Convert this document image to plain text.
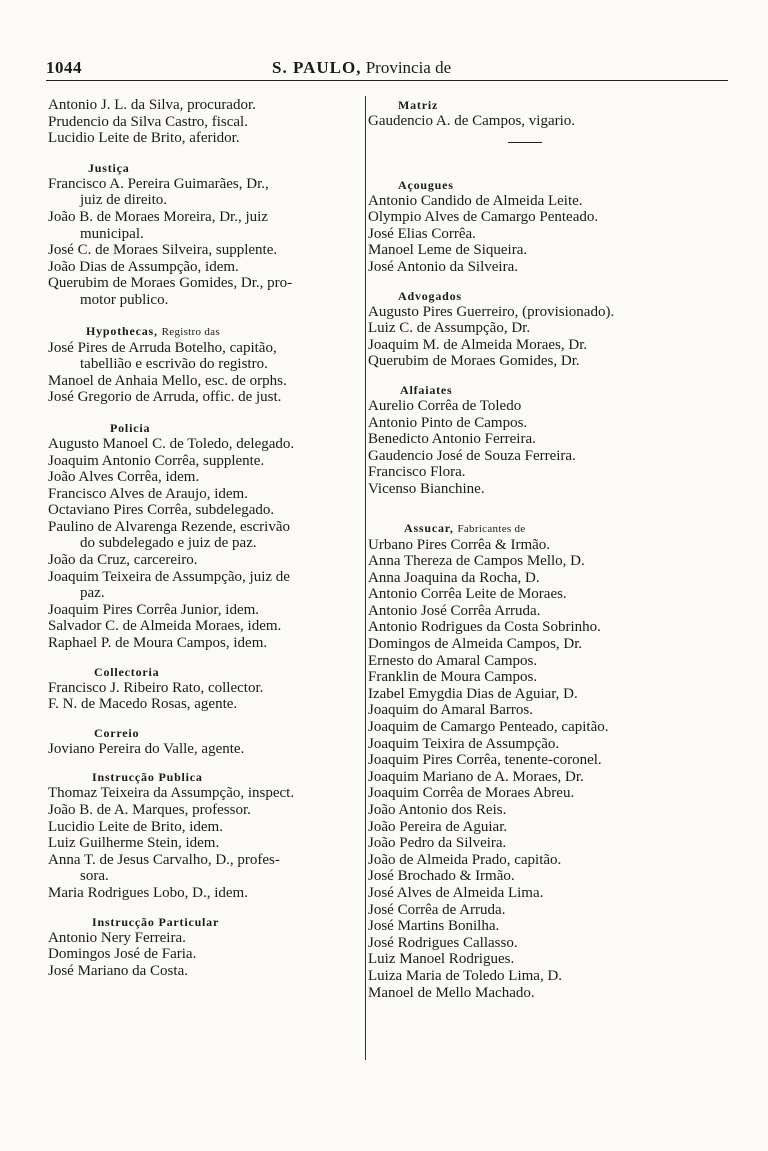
1044	S. PAULO, Provincia de
Antonio J. L. da Silva, procurador.
Prudencio da Silva Castro, fiscal.
Lucidio Leite de Brito, aferidor.
Justiça
Francisco A. Pereira Guimarães, Dr.,
juiz de direito.
João B. de Moraes Moreira, Dr., juiz
municipal.
José C. de Moraes Silveira, supplente.
João Dias de Assumpção, idem.
Querubim de Moraes Gomides, Dr., pro-
motor publico.
Hypothecas, Registro das
José Pires de Arruda Botelho, capitão,
tabellião e escrivão do registro.
Manoel de Anhaia Mello, esc. de orphs.
José Gregorio de Arruda, offic. de just.
Policia
Augusto Manoel C. de Toledo, delegado.
Joaquim Antonio Corrêa, supplente.
João Alves Corrêa, idem.
Francisco Alves de Araujo, idem.
Octaviano Pires Corrêa, subdelegado.
Paulino de Alvarenga Rezende, escrivão
do subdelegado e juiz de paz.
João da Cruz, carcereiro.
Joaquim Teixeira de Assumpção, juiz de
paz.
Joaquim Pires Corrêa Junior, idem.
Salvador C. de Almeida Moraes, idem.
Raphael P. de Moura Campos, idem.
Collectoria
Francisco J. Ribeiro Rato, collector.
F. N. de Macedo Rosas, agente.
Correio
Joviano Pereira do Valle, agente.
Instrucção Publica
Thomaz Teixeira da Assumpção, inspect.
João B. de A. Marques, professor.
Lucidio Leite de Brito, idem.
Luiz Guilherme Stein, idem.
Anna T. de Jesus Carvalho, D., profes-
sora.
Maria Rodrigues Lobo, D., idem.
Instrucção Particular
Antonio Nery Ferreira.
Domingos José de Faria.
José Mariano da Costa.
Matriz
Gaudencio A. de Campos, vigario.
Açougues
Antonio Candido de Almeida Leite.
Olympio Alves de Camargo Penteado.
José Elias Corrêa.
Manoel Leme de Siqueira.
José Antonio da Silveira.
Advogados
Augusto Pires Guerreiro, (provisionado).
Luiz C. de Assumpção, Dr.
Joaquim M. de Almeida Moraes, Dr.
Querubim de Moraes Gomides, Dr.
Alfaiates
Aurelio Corrêa de Toledo
Antonio Pinto de Campos.
Benedicto Antonio Ferreira.
Gaudencio José de Souza Ferreira.
Francisco Flora.
Vicenso Bianchine.
Assucar, Fabricantes de
Urbano Pires Corrêa & Irmão.
Anna Thereza de Campos Mello, D.
Anna Joaquina da Rocha, D.
Antonio Corrêa Leite de Moraes.
Antonio José Corrêa Arruda.
Antonio Rodrigues da Costa Sobrinho.
Domingos de Almeida Campos, Dr.
Ernesto do Amaral Campos.
Franklin de Moura Campos.
Izabel Emygdia Dias de Aguiar, D.
Joaquim do Amaral Barros.
Joaquim de Camargo Penteado, capitão.
Joaquim Teixira de Assumpção.
Joaquim Pires Corrêa, tenente-coronel.
Joaquim Mariano de A. Moraes, Dr.
Joaquim Corrêa de Moraes Abreu.
João Antonio dos Reis.
João Pereira de Aguiar.
João Pedro da Silveira.
João de Almeida Prado, capitão.
José Brochado & Irmão.
José Alves de Almeida Lima.
José Corrêa de Arruda.
José Martins Bonilha.
José Rodrigues Callasso.
Luiz Manoel Rodrigues.
Luiza Maria de Toledo Lima, D.
Manoel de Mello Machado.
